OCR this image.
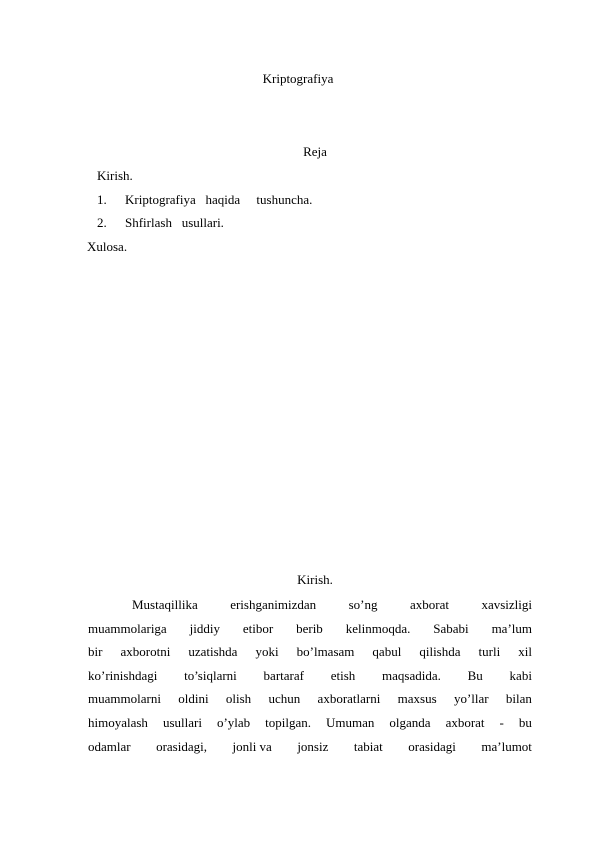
Kriptografiya
Reja
Kirish.
1. Kriptografiya   haqida     tushuncha.
2. Shfirlash   usullari.
Xulosa.
Kirish.
Mustaqillika erishganimizdan so’ng axborat xavsizligi
muammolariga jiddiy etibor berib kelinmoqda. Sababi ma’lum
bir axborotni uzatishda yoki bo’lmasam qabul qilishda turli xil
ko’rinishdagi to’siqlarni bartaraf etish maqsadida. Bu kabi
muammolarni oldini olish uchun axboratlarni maxsus yo’llar bilan
himoyalash usullari o’ylab topilgan. Umuman olganda axborat - bu
odamlar orasidagi, jonli va jonsiz tabiat orasidagi ma’lumot
